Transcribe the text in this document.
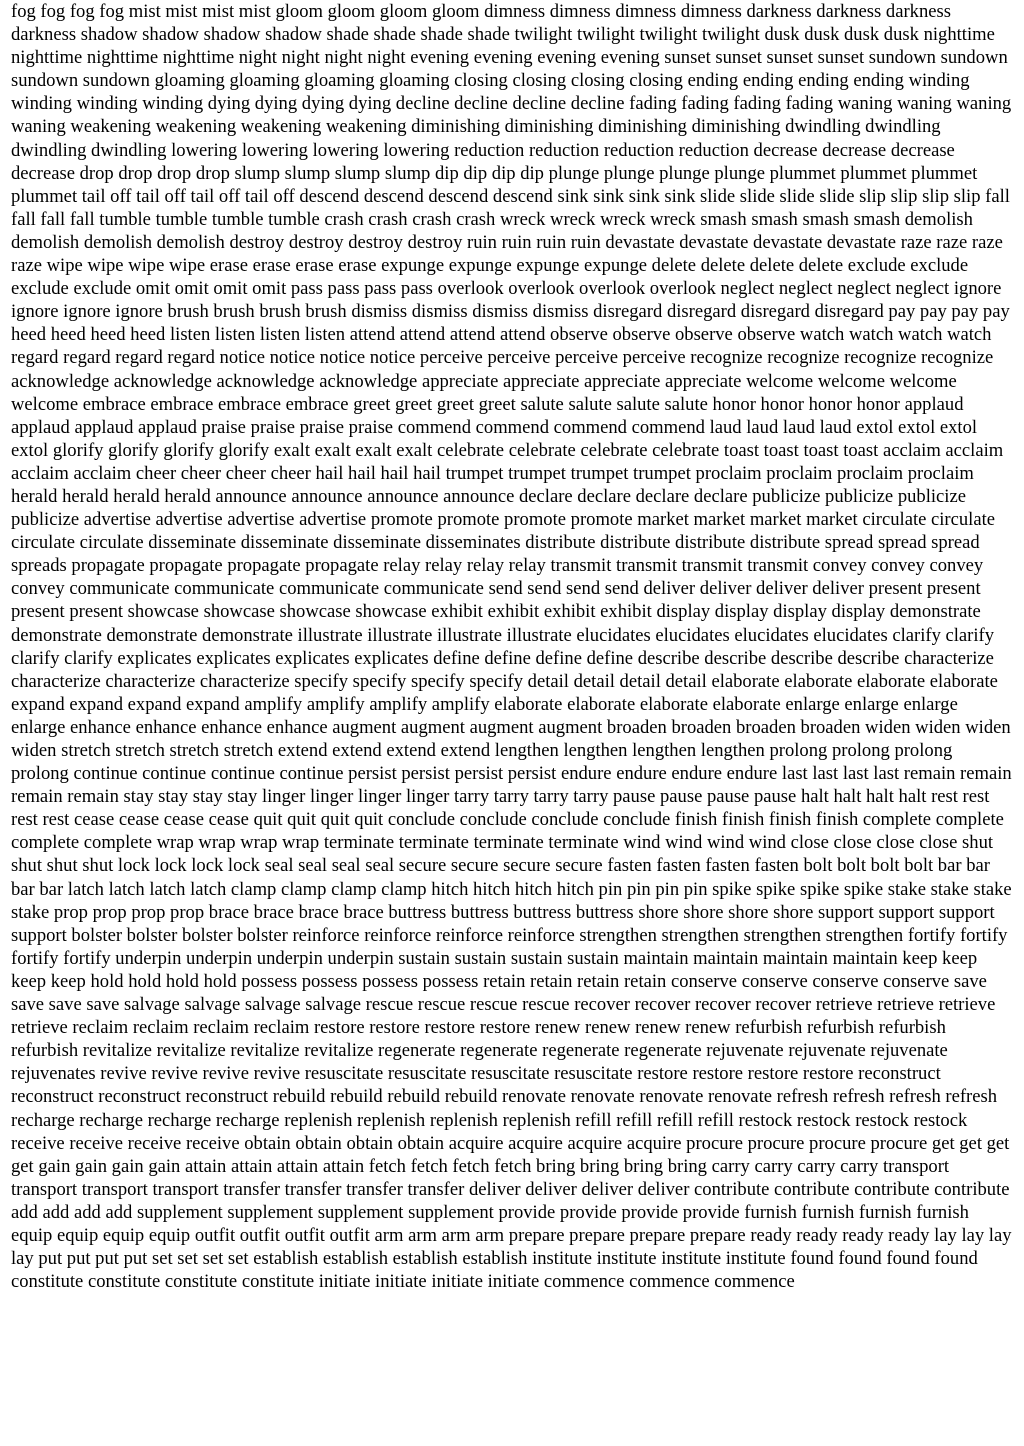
fog fog fog fog mist mist mist mist gloom gloom gloom gloom dimness dimness dimness dimness darkness darkness darkness darkness shadow shadow shadow shadow shade shade shade shade twilight twilight twilight twilight dusk dusk dusk dusk nighttime nighttime nighttime nighttime night night night night evening evening evening evening sunset sunset sunset sunset sundown sundown sundown sundown gloaming gloaming gloaming gloaming closing closing closing closing ending ending ending ending winding winding winding winding dying dying dying dying decline decline decline decline fading fading fading fading waning waning waning waning weakening weakening weakening weakening diminishing diminishing diminishing diminishing dwindling dwindling dwindling dwindling lowering lowering lowering lowering reduction reduction reduction reduction decrease decrease decrease decrease drop drop drop drop slump slump slump slump dip dip dip dip plunge plunge plunge plunge plummet plummet plummet plummet tail off tail off tail off tail off descend descend descend descend sink sink sink sink slide slide slide slide slip slip slip slip fall fall fall fall tumble tumble tumble tumble crash crash crash crash wreck wreck wreck wreck smash smash smash smash demolish demolish demolish demolish destroy destroy destroy destroy ruin ruin ruin ruin devastate devastate devastate devastate raze raze raze raze wipe wipe wipe wipe erase erase erase erase expunge expunge expunge expunge delete delete delete delete exclude exclude exclude exclude omit omit omit omit pass pass pass pass overlook overlook overlook overlook neglect neglect neglect neglect ignore ignore ignore ignore brush brush brush brush dismiss dismiss dismiss dismiss disregard disregard disregard disregard pay pay pay pay heed heed heed heed listen listen listen listen attend attend attend attend observe observe observe observe watch watch watch watch regard regard regard regard notice notice notice notice perceive perceive perceive perceive recognize recognize recognize recognize acknowledge acknowledge acknowledge acknowledge appreciate appreciate appreciate appreciate welcome welcome welcome welcome embrace embrace embrace embrace greet greet greet greet salute salute salute salute honor honor honor honor applaud applaud applaud applaud praise praise praise praise commend commend commend commend laud laud laud laud extol extol extol extol glorify glorify glorify glorify exalt exalt exalt exalt celebrate celebrate celebrate celebrate toast toast toast toast acclaim acclaim acclaim acclaim cheer cheer cheer cheer hail hail hail hail trumpet trumpet trumpet trumpet proclaim proclaim proclaim proclaim herald herald herald herald announce announce announce announce declare declare declare declare publicize publicize publicize publicize advertise advertise advertise advertise promote promote promote promote market market market market circulate circulate circulate circulate disseminate disseminate disseminate disseminates distribute distribute distribute distribute spread spread spread spreads propagate propagate propagate propagate relay relay relay relay transmit transmit transmit transmit convey convey convey convey communicate communicate communicate communicate send send send send deliver deliver deliver deliver present present present present showcase showcase showcase showcase exhibit exhibit exhibit exhibit display display display display demonstrate demonstrate demonstrate demonstrate illustrate illustrate illustrate illustrate elucidates elucidates elucidates elucidates clarify clarify clarify clarify explicates explicates explicates explicates define define define define describe describe describe describe characterize characterize characterize characterize specify specify specify specify detail detail detail detail elaborate elaborate elaborate elaborate expand expand expand expand amplify amplify amplify amplify elaborate elaborate elaborate elaborate enlarge enlarge enlarge enlarge enhance enhance enhance enhance augment augment augment augment broaden broaden broaden broaden widen widen widen widen stretch stretch stretch stretch extend extend extend extend lengthen lengthen lengthen lengthen prolong prolong prolong prolong continue continue continue continue persist persist persist persist endure endure endure endure last last last last remain remain remain remain stay stay stay stay linger linger linger linger tarry tarry tarry tarry pause pause pause pause halt halt halt halt rest rest rest rest cease cease cease cease quit quit quit quit conclude conclude conclude conclude finish finish finish finish complete complete complete complete wrap wrap wrap wrap terminate terminate terminate terminate wind wind wind wind close close close close shut shut shut shut lock lock lock lock seal seal seal seal secure secure secure secure fasten fasten fasten fasten bolt bolt bolt bolt bar bar bar bar latch latch latch latch clamp clamp clamp clamp hitch hitch hitch hitch pin pin pin pin spike spike spike spike stake stake stake stake prop prop prop prop brace brace brace brace buttress buttress buttress buttress shore shore shore shore support support support support bolster bolster bolster bolster reinforce reinforce reinforce reinforce strengthen strengthen strengthen strengthen fortify fortify fortify fortify underpin underpin underpin underpin sustain sustain sustain sustain maintain maintain maintain maintain keep keep keep keep hold hold hold hold possess possess possess possess retain retain retain retain conserve conserve conserve conserve save save save save salvage salvage salvage salvage rescue rescue rescue rescue recover recover recover recover retrieve retrieve retrieve retrieve reclaim reclaim reclaim reclaim restore restore restore restore renew renew renew renew refurbish refurbish refurbish refurbish revitalize revitalize revitalize revitalize regenerate regenerate regenerate regenerate rejuvenate rejuvenate rejuvenate rejuvenates revive revive revive revive resuscitate resuscitate resuscitate resuscitate restore restore restore restore reconstruct reconstruct reconstruct reconstruct rebuild rebuild rebuild rebuild renovate renovate renovate renovate refresh refresh refresh refresh recharge recharge recharge recharge replenish replenish replenish replenish refill refill refill refill restock restock restock restock receive receive receive receive obtain obtain obtain obtain acquire acquire acquire acquire procure procure procure procure get get get get gain gain gain gain attain attain attain attain fetch fetch fetch fetch bring bring bring bring carry carry carry carry transport transport transport transport transfer transfer transfer transfer deliver deliver deliver deliver contribute contribute contribute contribute add add add add supplement supplement supplement supplement provide provide provide provide furnish furnish furnish furnish equip equip equip equip outfit outfit outfit outfit arm arm arm arm prepare prepare prepare prepare ready ready ready ready lay lay lay lay put put put put set set set set establish establish establish establish institute institute institute institute found found found found constitute constitute constitute constitute initiate initiate initiate initiate commence commence commence
